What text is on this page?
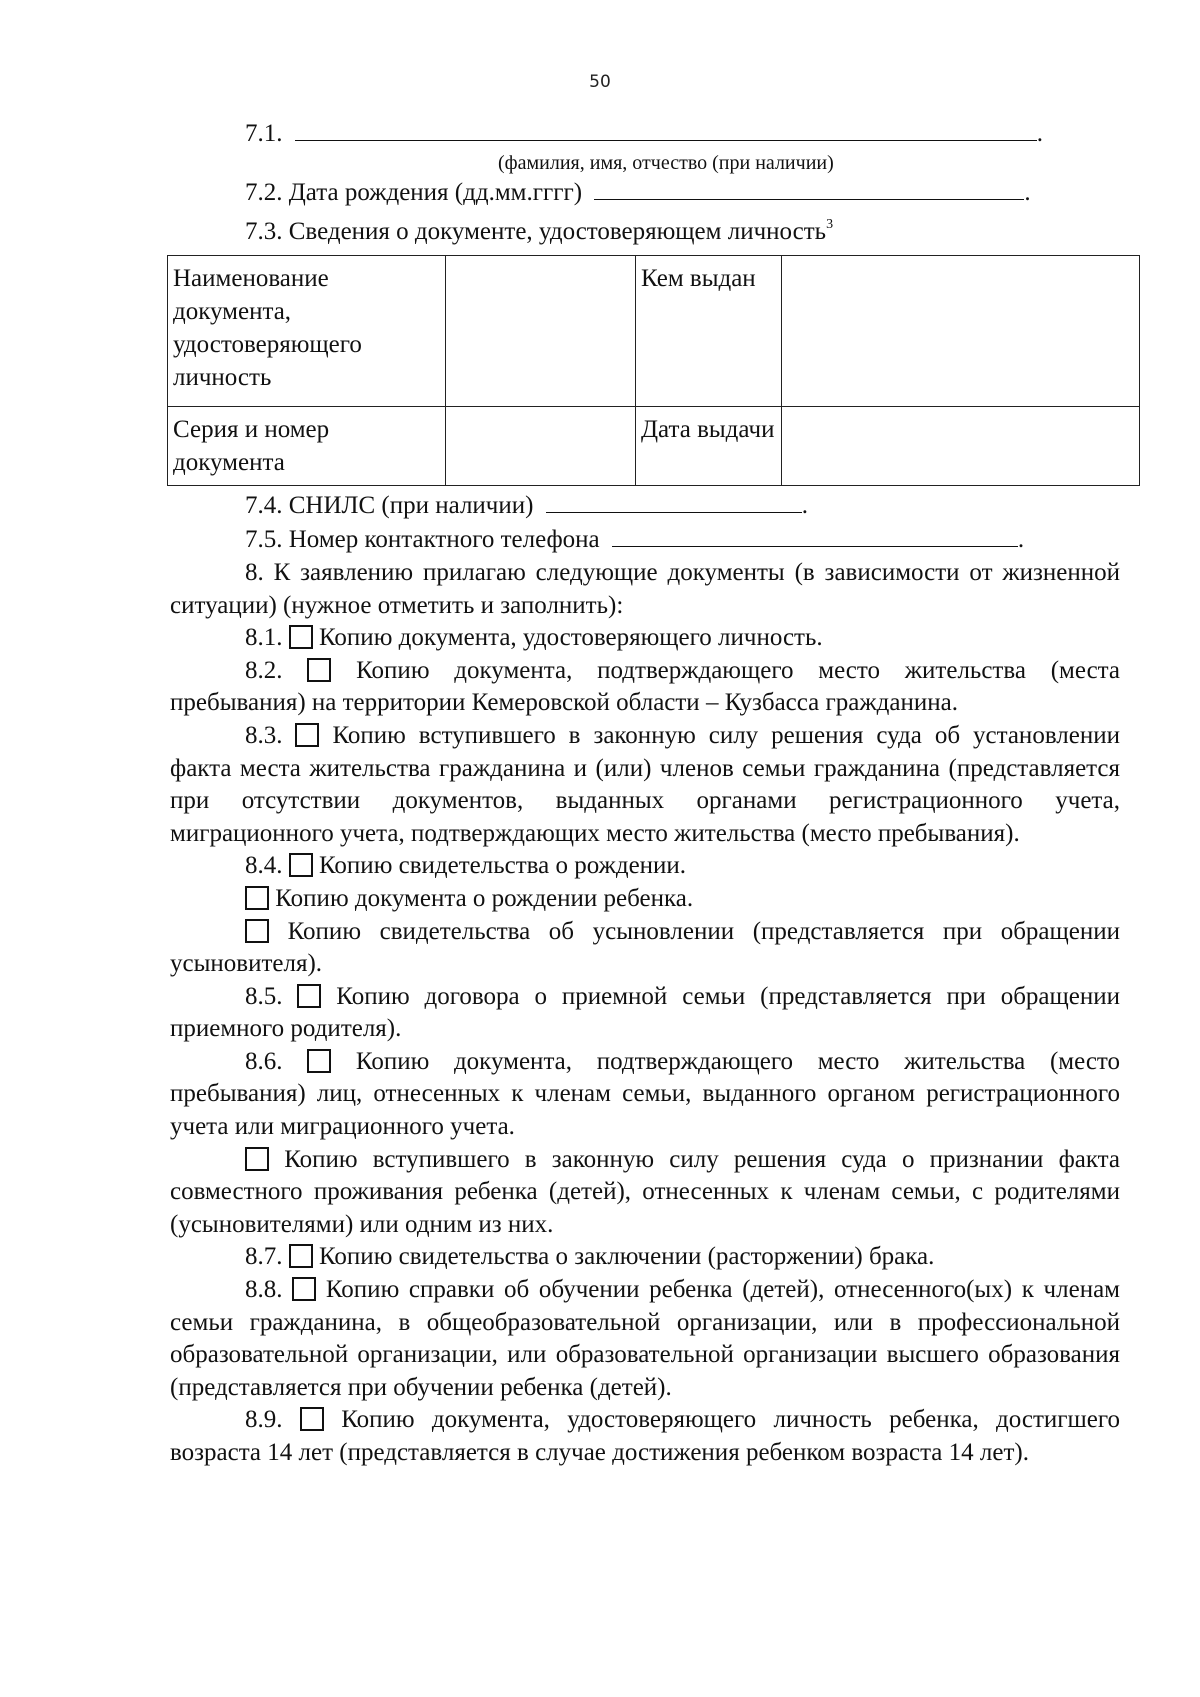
50
7.1.	.
(фамилия, имя, отчество (при наличии)
7.2. Дата рождения (дд.мм.гггг)	.
7.3. Сведения о документе, удостоверяющем личность$^3$
Наименование документа, удостоверяющего личность		Кем выдан	
Серия и номер документа		Дата выдачи	
7.4. СНИЛС (при наличии)	.
7.5. Номер контактного телефона	.
8. К заявлению прилагаю следующие документы (в зависимости от жизненной ситуации) (нужное отметить и заполнить):
8.1. Копию документа, удостоверяющего личность.
8.2.	Копию документа, подтверждающего место жительства (места пребывания) на территории Кемеровской области – Кузбасса гражданина.
8.3. Копию вступившего в законную силу решения суда об установлении факта места жительства гражданина и (или) членов семьи гражданина (представляется при отсутствии документов, выданных органами регистрационного учета, миграционного учета, подтверждающих место жительства (место пребывания).
8.4. Копию свидетельства о рождении.
Копию документа о рождении ребенка.
Копию свидетельства об усыновлении (представляется при обращении усыновителя).
8.5. Копию договора о приемной семьи (представляется при обращении приемного родителя).
8.6.	Копию документа, подтверждающего место жительства (место пребывания) лиц, отнесенных к членам семьи, выданного органом регистрационного учета или миграционного учета.
Копию вступившего в законную силу решения суда о признании факта совместного проживания ребенка (детей), отнесенных к членам семьи, с родителями (усыновителями) или одним из них.
8.7. Копию свидетельства о заключении (расторжении) брака.
8.8. Копию справки об обучении ребенка (детей), отнесенного(ых) к членам семьи гражданина, в общеобразовательной организации, или в профессиональной образовательной организации, или образовательной организации высшего образования (представляется при обучении ребенка (детей).
8.9. Копию документа, удостоверяющего личность ребенка, достигшего возраста 14 лет (представляется в случае достижения ребенком возраста 14 лет).
